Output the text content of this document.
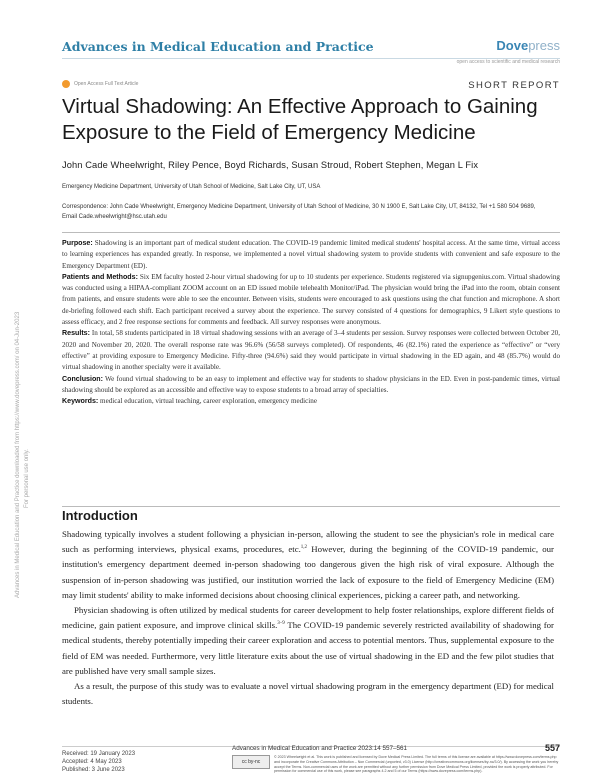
Advances in Medical Education and Practice	Dovepress
open access to scientific and medical research
Open Access Full Text Article	SHORT REPORT
Virtual Shadowing: An Effective Approach to Gaining Exposure to the Field of Emergency Medicine
John Cade Wheelwright, Riley Pence, Boyd Richards, Susan Stroud, Robert Stephen, Megan L Fix
Emergency Medicine Department, University of Utah School of Medicine, Salt Lake City, UT, USA
Correspondence: John Cade Wheelwright, Emergency Medicine Department, University of Utah School of Medicine, 30 N 1900 E, Salt Lake City, UT, 84132, Tel +1 580 504 9689, Email Cade.wheelwright@hsc.utah.edu

Purpose: Shadowing is an important part of medical student education. The COVID-19 pandemic limited medical students' hospital access. At the same time, virtual access to learning experiences has expanded greatly. In response, we implemented a novel virtual shadowing system to provide students with convenient and safe exposure to the Emergency Department (ED).

Patients and Methods: Six EM faculty hosted 2-hour virtual shadowing for up to 10 students per experience. Students registered via signupgenius.com. Virtual shadowing was conducted using a HIPAA-compliant ZOOM account on an ED issued mobile telehealth Monitor/iPad. The physician would bring the iPad into the room, obtain consent from patients, and ensure students were able to see the encounter. Between visits, students were encouraged to ask questions using the chat function and microphone. A short de-briefing followed each shift. Each participant received a survey about the experience. The survey consisted of 4 questions for demographics, 9 Likert style questions to assess efficacy, and 2 free response sections for comments and feedback. All survey responses were anonymous.

Results: In total, 58 students participated in 18 virtual shadowing sessions with an average of 3–4 students per session. Survey responses were collected between October 20, 2020 and November 20, 2020. The overall response rate was 96.6% (56/58 surveys completed). Of respondents, 46 (82.1%) rated the experience as “effective” or “very effective” at providing exposure to Emergency Medicine. Fifty-three (94.6%) said they would participate in virtual shadowing in the ED again, and 48 (85.7%) would do virtual shadowing in another specialty were it available.

Conclusion: We found virtual shadowing to be an easy to implement and effective way for students to shadow physicians in the ED. Even in post-pandemic times, virtual shadowing should be explored as an accessible and effective way to expose students to a broad array of specialties.

Keywords: medical education, virtual teaching, career exploration, emergency medicine

Introduction

Shadowing typically involves a student following a physician in-person, allowing the student to see the physician's role in medical care such as performing interviews, physical exams, procedures, etc.$^{1,2}$ However, during the beginning of the COVID-19 pandemic, our institution's emergency department deemed in-person shadowing too dangerous given the high risk of viral exposure. Although the suspension of in-person shadowing was justified, our institution worried the lack of exposure to the field of Emergency Medicine (EM) may limit students' ability to make informed decisions about choosing clinical experiences, picking a career path, and networking.

Physician shadowing is often utilized by medical students for career development to help foster relationships, explore different fields of medicine, gain patient exposure, and improve clinical skills.$^{3-9}$ The COVID-19 pandemic severely restricted availability of shadowing for medical students, thereby potentially impeding their career exploration and access to potential mentors. Thus, supplemental exposure to the field of EM was needed. Furthermore, very little literature exits about the use of virtual shadowing in the ED and the few pilot studies that are published have very small sample sizes.

As a result, the purpose of this study was to evaluate a novel virtual shadowing program in the emergency department (ED) for medical students.

Advances in Medical Education and Practice downloaded from https://www.dovepress.com/ on 04-Jun-2023 For personal use only.
Received: 19 January 2023
Accepted: 4 May 2023
Published: 3 June 2023
Advances in Medical Education and Practice 2023:14 557–561	557
cc by-nc
© 2023 Wheelwright et al. This work is published and licensed by Dove Medical Press Limited. The full terms of this license are available at https://www.dovepress.com/terms.php and incorporate the Creative Commons Attribution – Non Commercial (unported, v3.0) License (http://creativecommons.org/licenses/by-nc/3.0/). By accessing the work you hereby accept the Terms. Non-commercial uses of the work are permitted without any further permission from Dove Medical Press Limited, provided the work is properly attributed. For permission for commercial use of this work, please see paragraphs 4.2 and 5 of our Terms (https://www.dovepress.com/terms.php).
